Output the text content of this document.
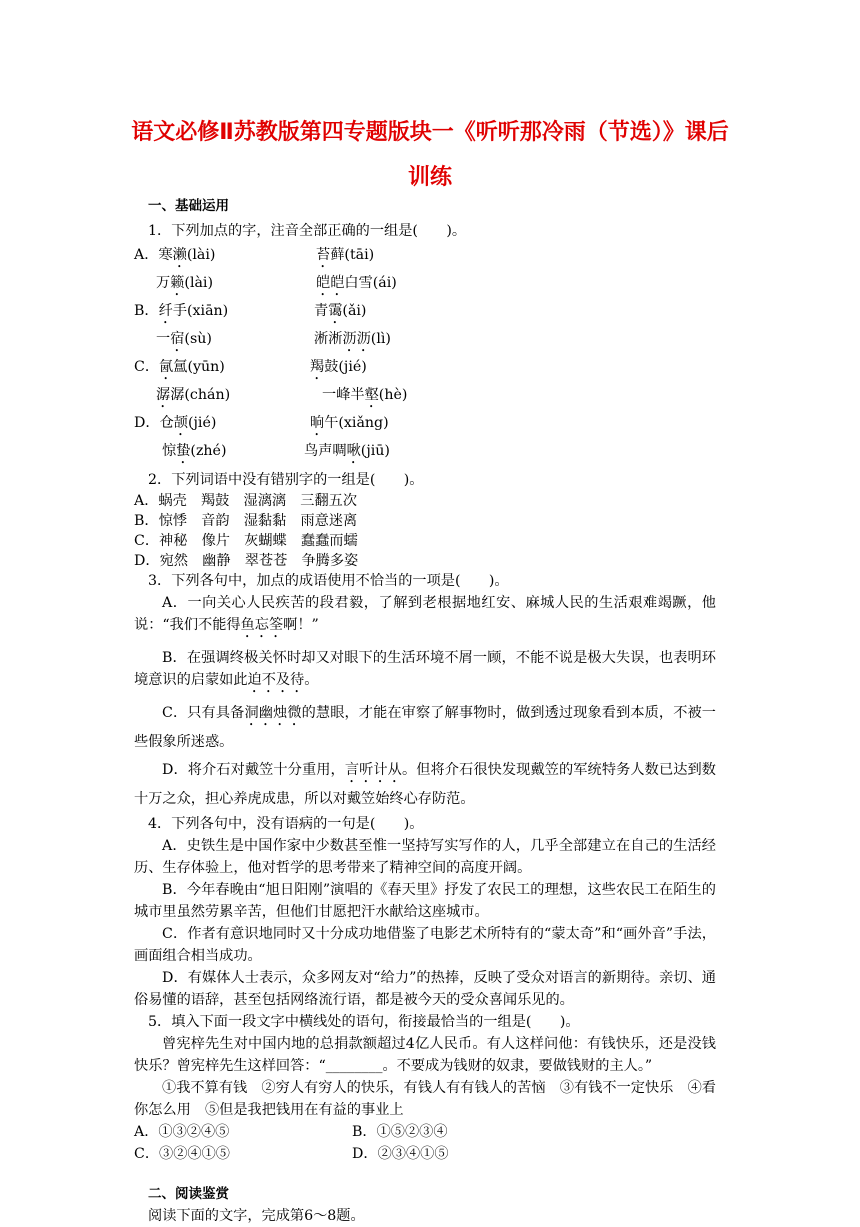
语文必修Ⅱ苏教版第四专题版块一《听听那冷雨（节选）》课后
训练
一、基础运用
1．下列加点的字，注音全部正确的一组是(　　)。
A．寒濑(lài)	苔藓(tāi)
万籁(lài)	皑皑白雪(ái)
B．纤手(xiān)	青霭(ǎi)
一宿(sù)	淅淅沥沥(lì)
C．氤氲(yūn)	羯鼓(jié)
潺潺(chán)	一峰半壑(hè)
D．仓颉(jié)	晌午(xiǎng)
惊蛰(zhé)	鸟声啁啾(jiū)
2．下列词语中没有错别字的一组是(　　)。
A．蜗壳　羯鼓　湿漓漓　三翻五次
B．惊悸　音韵　湿黏黏　雨意迷离
C．神秘　像片　灰蝴蝶　蠢蠢而蠕
D．宛然　幽静　翠苍苍　争腾多姿
3．下列各句中，加点的成语使用不恰当的一项是(　　)。
A．一向关心人民疾苦的段君毅，了解到老根据地红安、麻城人民的生活艰难竭蹶，他说：“我们不能得鱼忘筌啊！”
B．在强调终极关怀时却又对眼下的生活环境不屑一顾，不能不说是极大失误，也表明环境意识的启蒙如此迫不及待。
C．只有具备洞幽烛微的慧眼，才能在审察了解事物时，做到透过现象看到本质，不被一些假象所迷惑。
D．将介石对戴笠十分重用，言听计从。但将介石很快发现戴笠的军统特务人数已达到数十万之众，担心养虎成患，所以对戴笠始终心存防范。
4．下列各句中，没有语病的一句是(　　)。
A．史铁生是中国作家中少数甚至惟一坚持写实写作的人，几乎全部建立在自己的生活经历、生存体验上，他对哲学的思考带来了精神空间的高度开阔。
B．今年春晚由“旭日阳刚”演唱的《春天里》抒发了农民工的理想，这些农民工在陌生的城市里虽然劳累辛苦，但他们甘愿把汗水献给这座城市。
C．作者有意识地同时又十分成功地借鉴了电影艺术所特有的“蒙太奇”和“画外音”手法，画面组合相当成功。
D．有媒体人士表示，众多网友对“给力”的热捧，反映了受众对语言的新期待。亲切、通俗易懂的语辞，甚至包括网络流行语，都是被今天的受众喜闻乐见的。
5．填入下面一段文字中横线处的语句，衔接最恰当的一组是(　　)。
曾宪梓先生对中国内地的总捐款额超过4亿人民币。有人这样问他：有钱快乐，还是没钱快乐？曾宪梓先生这样回答：“________。不要成为钱财的奴隶，要做钱财的主人。”
①我不算有钱　②穷人有穷人的快乐，有钱人有有钱人的苦恼　③有钱不一定快乐　④看你怎么用　⑤但是我把钱用在有益的事业上
A．①③②④⑤	B．①⑤②③④
C．③②④①⑤	D．②③④①⑤
二、阅读鉴赏
阅读下面的文字，完成第6～8题。
